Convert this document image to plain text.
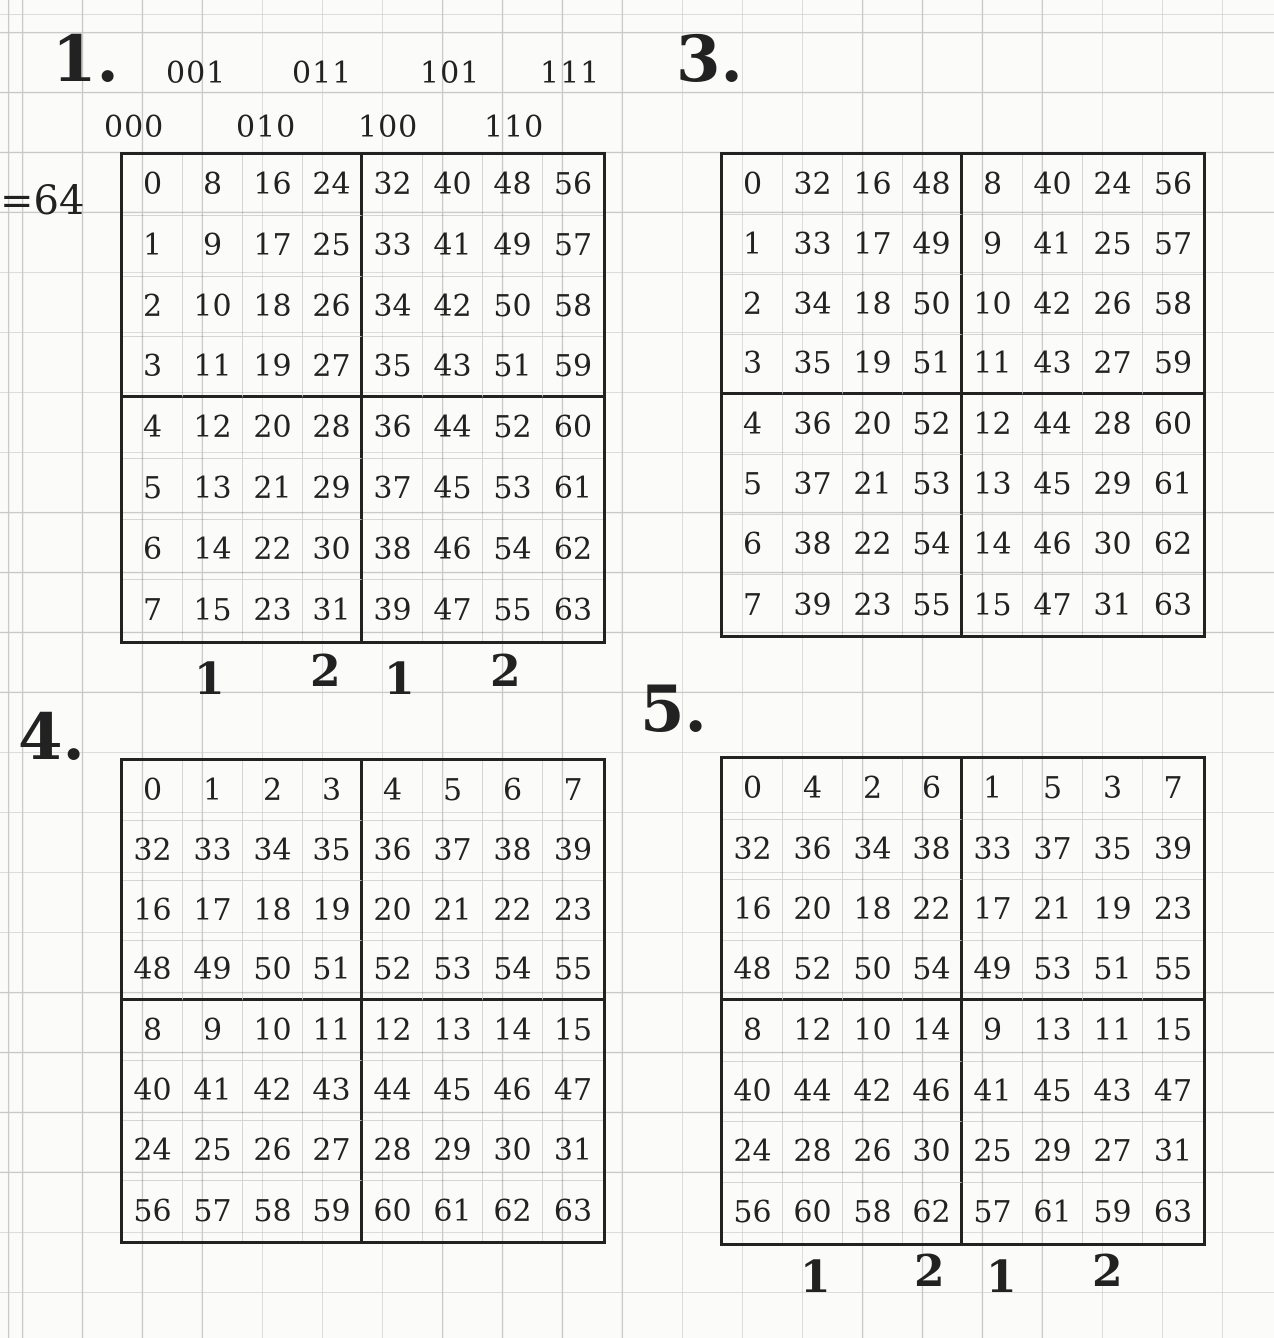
1. 001 011 101 111
000 010 100 110
=64	0	8	16 24 32 40 48 56
1	9	17 25 33 41 49 57
2	10 18 26 34 42 50 58
3	11 19 27 35 43 51 59
4	12 20 28 36 44 52 60
5	13 21 29 37 45 53 61
6	14 22 30 38 46 54 62
7	15 23 31 39 47 55 63
1 2 1 2
3.
0	32 16 48	8	40 24 56
1	33 17 49	9	41 25 57
2	34 18 50 10 42 26 58
3	35 19 51 11 43 27 59
4	36 20 52 12 44 28 60
5	37 21 53 13 45 29 61
6	38 22 54 14 46 30 62
7	39 23 55 15 47 31 63
4.
0	1	2	3	4	5	6	7
32 33 34 35 36 37 38 39
16 17 18 19 20 21 22 23
48 49 50 51 52 53 54 55
8	9	10 11 12 13 14 15
40 41 42 43 44 45 46 47
24 25 26 27 28 29 30 31
56 57 58 59 60 61 62 63
5.
0	4	2	6	1	5	3	7
32 36 34 38 33 37 35 39
16 20 18 22 17 21 19 23
48 52 50 54 49 53 51 55
8	12 10 14	9	13 11 15
40 44 42 46 41 45 43 47
24 28 26 30 25 29 27 31
56 60 58 62 57 61 59 63
1 2 1 2
